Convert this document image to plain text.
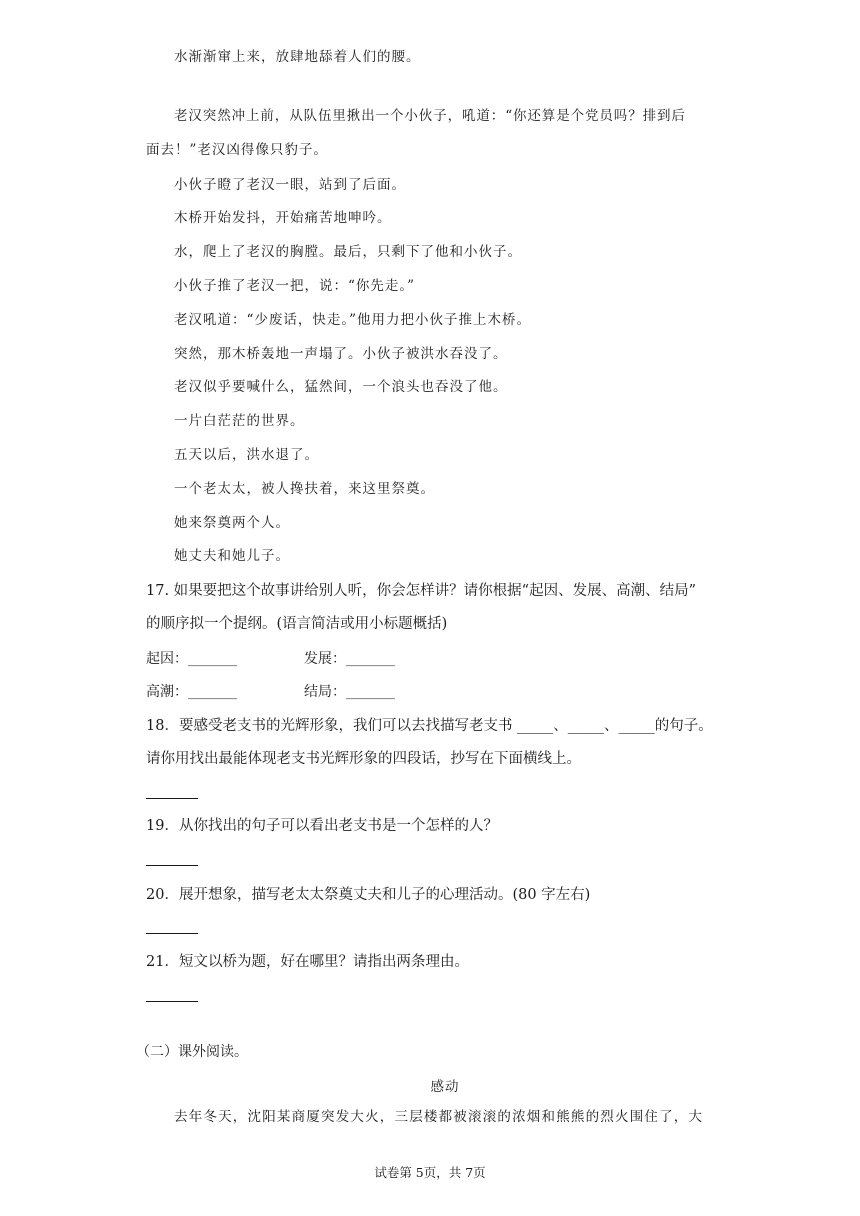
水渐渐窜上来，放肆地舔着人们的腰。
老汉突然冲上前，从队伍里揪出一个小伙子，吼道：“你还算是个党员吗？排到后
面去！”老汉凶得像只豹子。
小伙子瞪了老汉一眼，站到了后面。
木桥开始发抖，开始痛苦地呻吟。
水，爬上了老汉的胸膛。最后，只剩下了他和小伙子。
小伙子推了老汉一把，说：“你先走。”
老汉吼道：“少废话，快走。”他用力把小伙子推上木桥。
突然，那木桥轰地一声塌了。小伙子被洪水吞没了。
老汉似乎要喊什么，猛然间，一个浪头也吞没了他。
一片白茫茫的世界。
五天以后，洪水退了。
一个老太太，被人搀扶着，来这里祭奠。
她来祭奠两个人。
她丈夫和她儿子。
17. 如果要把这个故事讲给别人听，你会怎样讲？请你根据“起因、发展、高潮、结局”
的顺序拟一个提纲。(语言简洁或用小标题概括)
起因：_______	发展：_______
高潮：_______	结局：_______
18．要感受老支书的光辉形象，我们可以去找描写老支书 _____、_____、_____的句子。
请你用找出最能体现老支书光辉形象的四段话，抄写在下面横线上。
19．从你找出的句子可以看出老支书是一个怎样的人？
20．展开想象，描写老太太祭奠丈夫和儿子的心理活动。(80 字左右)
21．短文以桥为题，好在哪里？请指出两条理由。
（二）课外阅读。
感动
去年冬天，沈阳某商厦突发大火，三层楼都被滚滚的浓烟和熊熊的烈火围住了，大
试卷第 5页，共 7页
